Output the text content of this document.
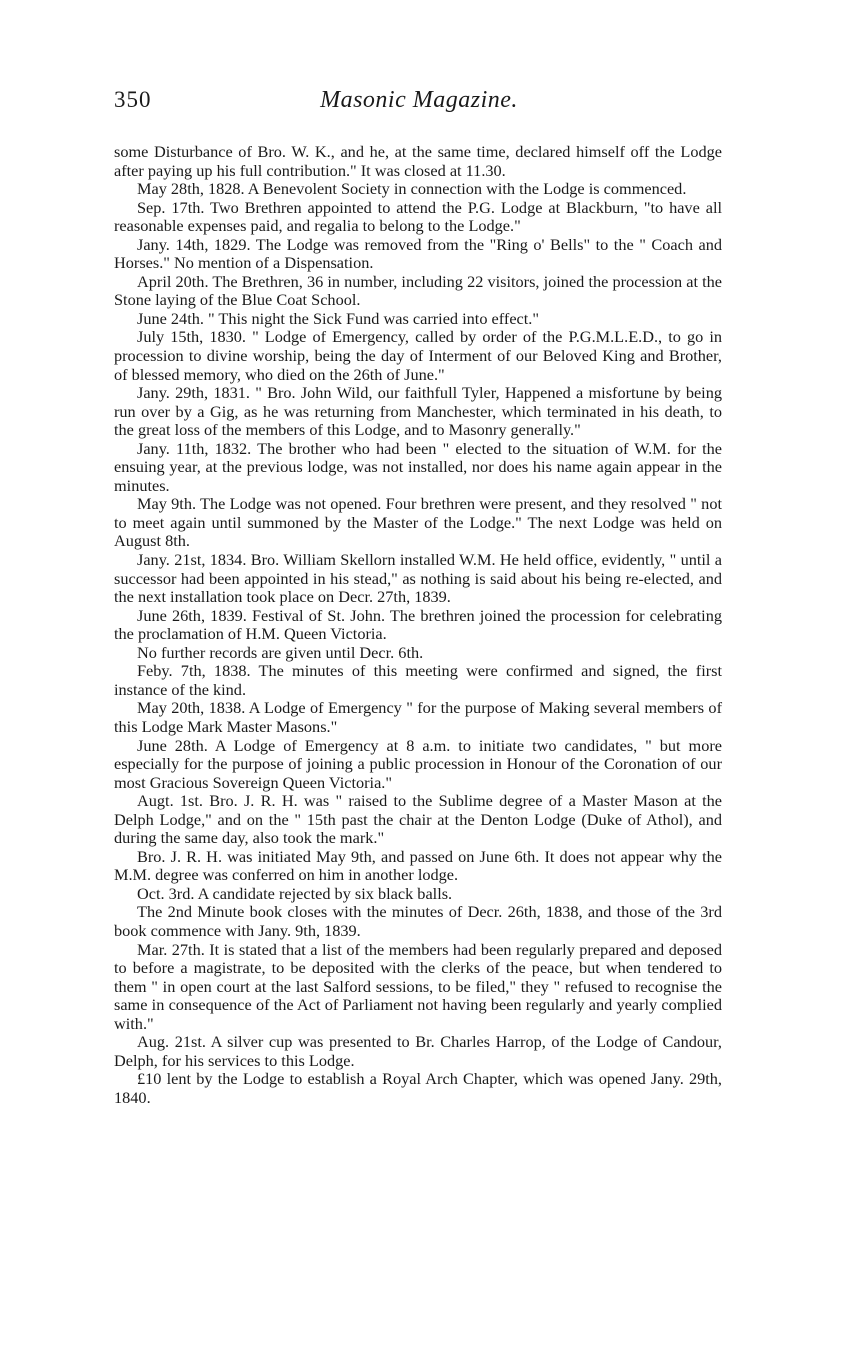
350	Masonic Magazine.

some Disturbance of Bro. W. K., and he, at the same time, declared himself off the Lodge after paying up his full contribution." It was closed at 11.30.

May 28th, 1828. A Benevolent Society in connection with the Lodge is commenced.

Sep. 17th. Two Brethren appointed to attend the P.G. Lodge at Blackburn, "to have all reasonable expenses paid, and regalia to belong to the Lodge."

Jany. 14th, 1829. The Lodge was removed from the "Ring o' Bells" to the " Coach and Horses." No mention of a Dispensation.

April 20th. The Brethren, 36 in number, including 22 visitors, joined the procession at the Stone laying of the Blue Coat School.

June 24th. " This night the Sick Fund was carried into effect."

July 15th, 1830. " Lodge of Emergency, called by order of the P.G.M.L.E.D., to go in procession to divine worship, being the day of Interment of our Beloved King and Brother, of blessed memory, who died on the 26th of June."

Jany. 29th, 1831. " Bro. John Wild, our faithfull Tyler, Happened a misfortune by being run over by a Gig, as he was returning from Manchester, which terminated in his death, to the great loss of the members of this Lodge, and to Masonry generally."

Jany. 11th, 1832. The brother who had been " elected to the situation of W.M. for the ensuing year, at the previous lodge, was not installed, nor does his name again appear in the minutes.

May 9th. The Lodge was not opened. Four brethren were present, and they resolved " not to meet again until summoned by the Master of the Lodge." The next Lodge was held on August 8th.

Jany. 21st, 1834. Bro. William Skellorn installed W.M. He held office, evidently, " until a successor had been appointed in his stead," as nothing is said about his being re-elected, and the next installation took place on Decr. 27th, 1839.

June 26th, 1839. Festival of St. John. The brethren joined the procession for celebrating the proclamation of H.M. Queen Victoria.

No further records are given until Decr. 6th.

Feby. 7th, 1838. The minutes of this meeting were confirmed and signed, the first instance of the kind.

May 20th, 1838. A Lodge of Emergency " for the purpose of Making several members of this Lodge Mark Master Masons."

June 28th. A Lodge of Emergency at 8 a.m. to initiate two candidates, " but more especially for the purpose of joining a public procession in Honour of the Coronation of our most Gracious Sovereign Queen Victoria."

Augt. 1st. Bro. J. R. H. was " raised to the Sublime degree of a Master Mason at the Delph Lodge," and on the " 15th past the chair at the Denton Lodge (Duke of Athol), and during the same day, also took the mark."

Bro. J. R. H. was initiated May 9th, and passed on June 6th. It does not appear why the M.M. degree was conferred on him in another lodge.

Oct. 3rd. A candidate rejected by six black balls.

The 2nd Minute book closes with the minutes of Decr. 26th, 1838, and those of the 3rd book commence with Jany. 9th, 1839.

Mar. 27th. It is stated that a list of the members had been regularly prepared and deposed to before a magistrate, to be deposited with the clerks of the peace, but when tendered to them " in open court at the last Salford sessions, to be filed," they " refused to recognise the same in consequence of the Act of Parliament not having been regularly and yearly complied with."

Aug. 21st. A silver cup was presented to Br. Charles Harrop, of the Lodge of Candour, Delph, for his services to this Lodge.

£10 lent by the Lodge to establish a Royal Arch Chapter, which was opened Jany. 29th, 1840.
